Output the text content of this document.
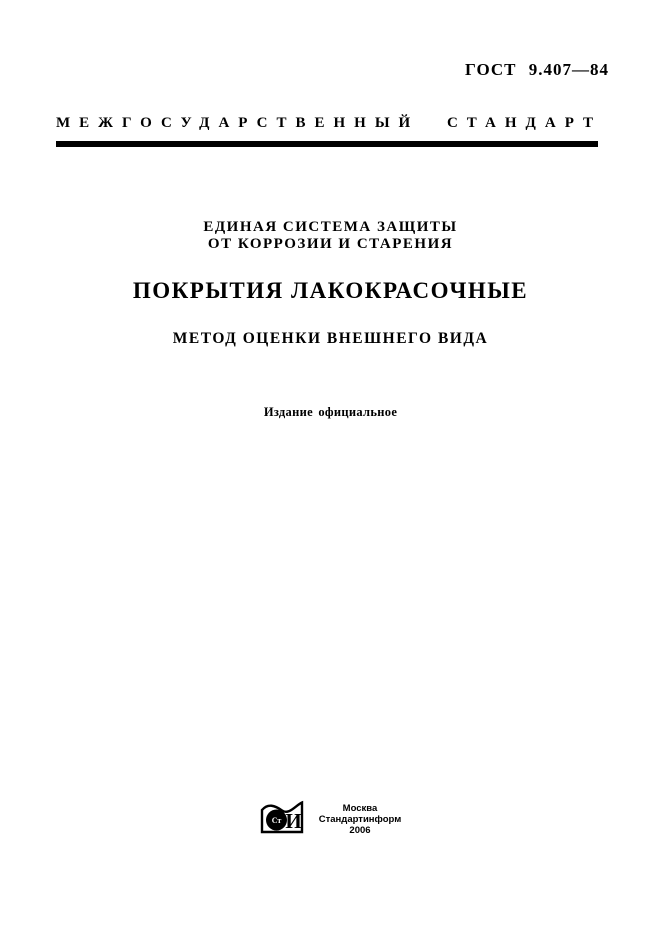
ГОСТ 9.407—84
МЕЖГОСУДАРСТВЕННЫЙ СТАНДАРТ
ЕДИНАЯ СИСТЕМА ЗАЩИТЫ
ОТ КОРРОЗИИ И СТАРЕНИЯ
ПОКРЫТИЯ ЛАКОКРАСОЧНЫЕ
МЕТОД ОЦЕНКИ ВНЕШНЕГО ВИДА
Издание официальное
Ст И
Москва
Стандартинформ
2006
